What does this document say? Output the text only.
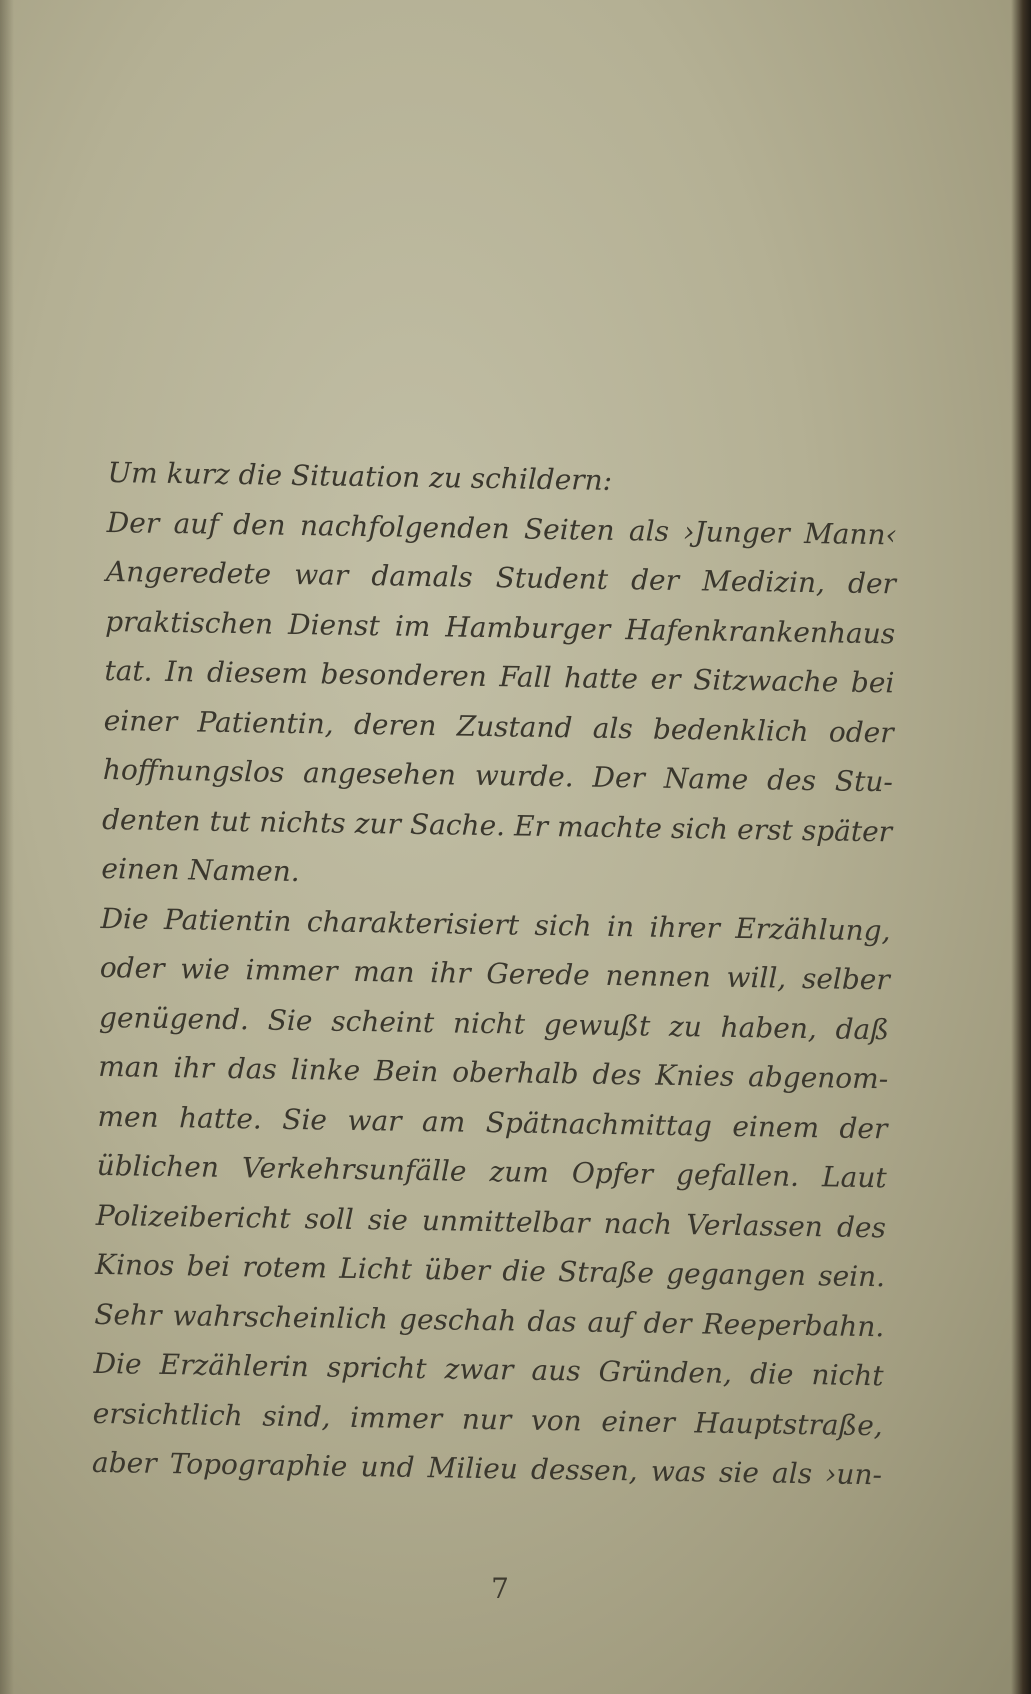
Um kurz die Situation zu schildern:
Der auf den nachfolgenden Seiten als ›Junger Mann‹
Angeredete war damals Student der Medizin, der
praktischen Dienst im Hamburger Hafenkrankenhaus
tat. In diesem besonderen Fall hatte er Sitzwache bei
einer Patientin, deren Zustand als bedenklich oder
hoffnungslos angesehen wurde. Der Name des Stu-
denten tut nichts zur Sache. Er machte sich erst später
einen Namen.
Die Patientin charakterisiert sich in ihrer Erzählung,
oder wie immer man ihr Gerede nennen will, selber
genügend. Sie scheint nicht gewußt zu haben, daß
man ihr das linke Bein oberhalb des Knies abgenom-
men hatte. Sie war am Spätnachmittag einem der
üblichen Verkehrsunfälle zum Opfer gefallen. Laut
Polizeibericht soll sie unmittelbar nach Verlassen des
Kinos bei rotem Licht über die Straße gegangen sein.
Sehr wahrscheinlich geschah das auf der Reeperbahn.
Die Erzählerin spricht zwar aus Gründen, die nicht
ersichtlich sind, immer nur von einer Hauptstraße,
aber Topographie und Milieu dessen, was sie als ›un-
7
